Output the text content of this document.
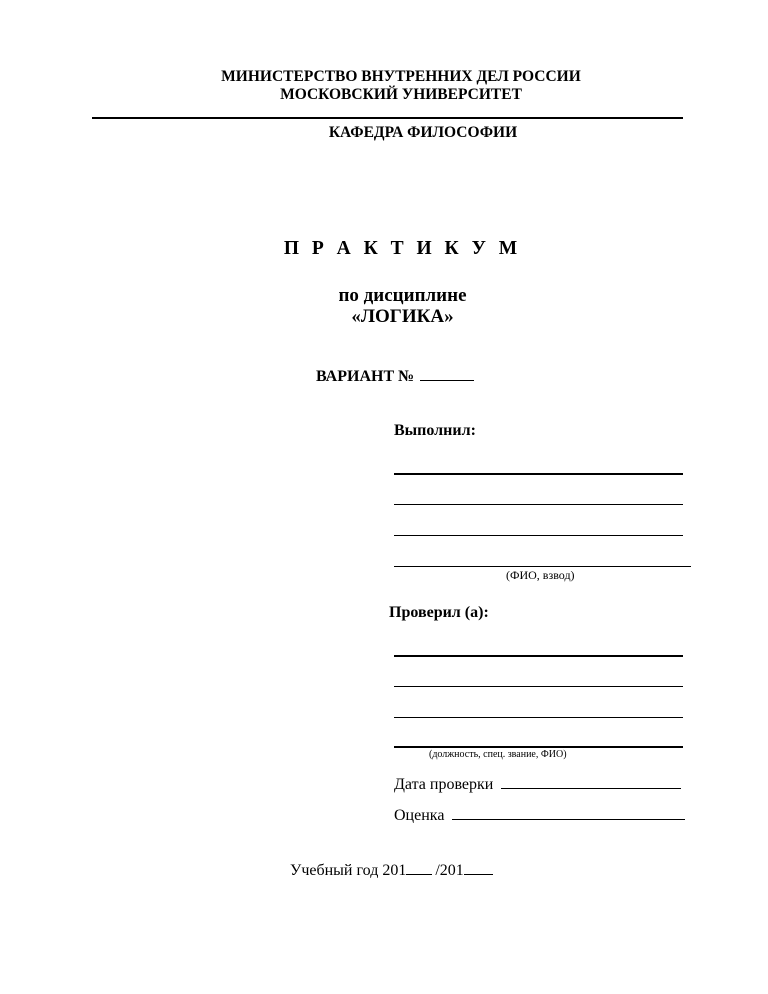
МИНИСТЕРСТВО ВНУТРЕННИХ ДЕЛ РОССИИ
МОСКОВСКИЙ УНИВЕРСИТЕТ
КАФЕДРА ФИЛОСОФИИ
П Р А К Т И К У М
по дисциплине
«ЛОГИКА»
ВАРИАНТ №
Выполнил:
(ФИО, взвод)
Проверил (а):
(должность, спец. звание, ФИО)
Дата проверки
Оценка
Учебный год 201 /201
